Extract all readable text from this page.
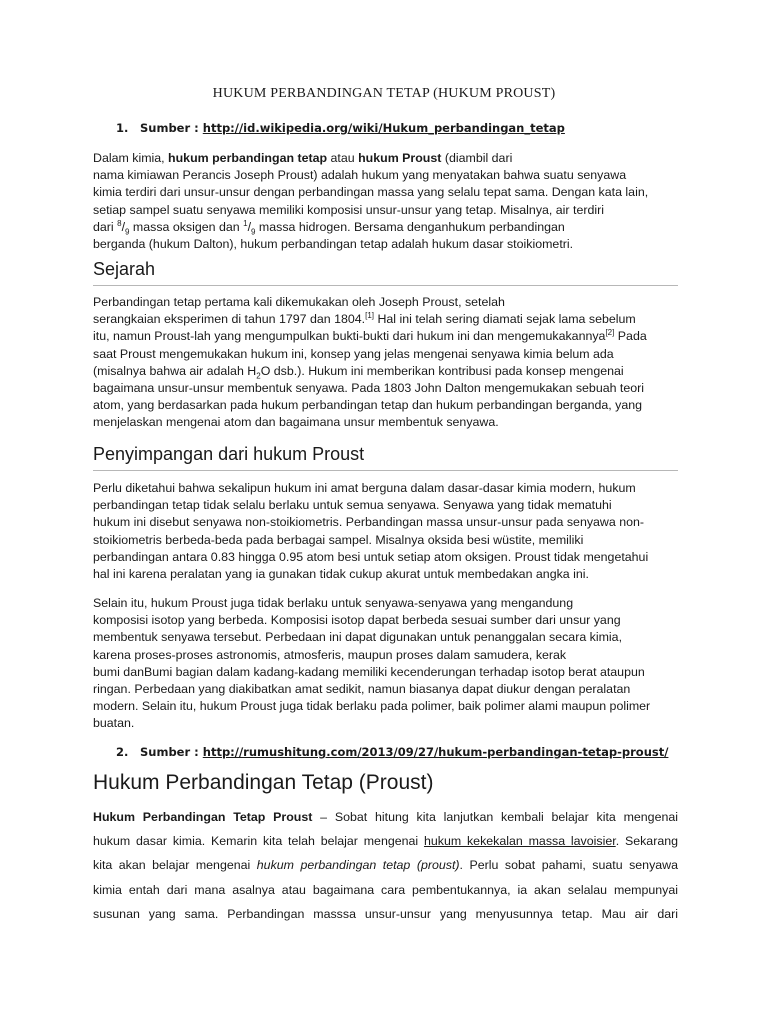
HUKUM PERBANDINGAN TETAP (HUKUM PROUST)
1. Sumber : http://id.wikipedia.org/wiki/Hukum_perbandingan_tetap
Dalam kimia, hukum perbandingan tetap atau hukum Proust (diambil dari
nama kimiawan Perancis Joseph Proust) adalah hukum yang menyatakan bahwa suatu senyawa
kimia terdiri dari unsur-unsur dengan perbandingan massa yang selalu tepat sama. Dengan kata lain,
setiap sampel suatu senyawa memiliki komposisi unsur-unsur yang tetap. Misalnya, air terdiri
dari $^8/_9$ massa oksigen dan $^1/_9$ massa hidrogen. Bersama denganhukum perbandingan
berganda (hukum Dalton), hukum perbandingan tetap adalah hukum dasar stoikiometri.
Sejarah
Perbandingan tetap pertama kali dikemukakan oleh Joseph Proust, setelah
serangkaian eksperimen di tahun 1797 dan 1804.[1] Hal ini telah sering diamati sejak lama sebelum
itu, namun Proust-lah yang mengumpulkan bukti-bukti dari hukum ini dan mengemukakannya[2] Pada
saat Proust mengemukakan hukum ini, konsep yang jelas mengenai senyawa kimia belum ada
(misalnya bahwa air adalah $H_2O$ dsb.). Hukum ini memberikan kontribusi pada konsep mengenai
bagaimana unsur-unsur membentuk senyawa. Pada 1803 John Dalton mengemukakan sebuah teori
atom, yang berdasarkan pada hukum perbandingan tetap dan hukum perbandingan berganda, yang
menjelaskan mengenai atom dan bagaimana unsur membentuk senyawa.
Penyimpangan dari hukum Proust
Perlu diketahui bahwa sekalipun hukum ini amat berguna dalam dasar-dasar kimia modern, hukum
perbandingan tetap tidak selalu berlaku untuk semua senyawa. Senyawa yang tidak mematuhi
hukum ini disebut senyawa non-stoikiometris. Perbandingan massa unsur-unsur pada senyawa non-
stoikiometris berbeda-beda pada berbagai sampel. Misalnya oksida besi wüstite, memiliki
perbandingan antara 0.83 hingga 0.95 atom besi untuk setiap atom oksigen. Proust tidak mengetahui
hal ini karena peralatan yang ia gunakan tidak cukup akurat untuk membedakan angka ini.
Selain itu, hukum Proust juga tidak berlaku untuk senyawa-senyawa yang mengandung
komposisi isotop yang berbeda. Komposisi isotop dapat berbeda sesuai sumber dari unsur yang
membentuk senyawa tersebut. Perbedaan ini dapat digunakan untuk penanggalan secara kimia,
karena proses-proses astronomis, atmosferis, maupun proses dalam samudera, kerak
bumi danBumi bagian dalam kadang-kadang memiliki kecenderungan terhadap isotop berat ataupun
ringan. Perbedaan yang diakibatkan amat sedikit, namun biasanya dapat diukur dengan peralatan
modern. Selain itu, hukum Proust juga tidak berlaku pada polimer, baik polimer alami maupun polimer
buatan.
2. Sumber : http://rumushitung.com/2013/09/27/hukum-perbandingan-tetap-proust/
Hukum Perbandingan Tetap (Proust)
Hukum Perbandingan Tetap Proust – Sobat hitung kita lanjutkan kembali belajar kita mengenai
hukum dasar kimia. Kemarin kita telah belajar mengenai hukum kekekalan massa lavoisier. Sekarang
kita akan belajar mengenai hukum perbandingan tetap (proust). Perlu sobat pahami, suatu senyawa
kimia entah dari mana asalnya atau bagaimana cara pembentukannya, ia akan selalau mempunyai
susunan yang sama. Perbandingan masssa unsur-unsur yang menyusunnya tetap. Mau air dari
